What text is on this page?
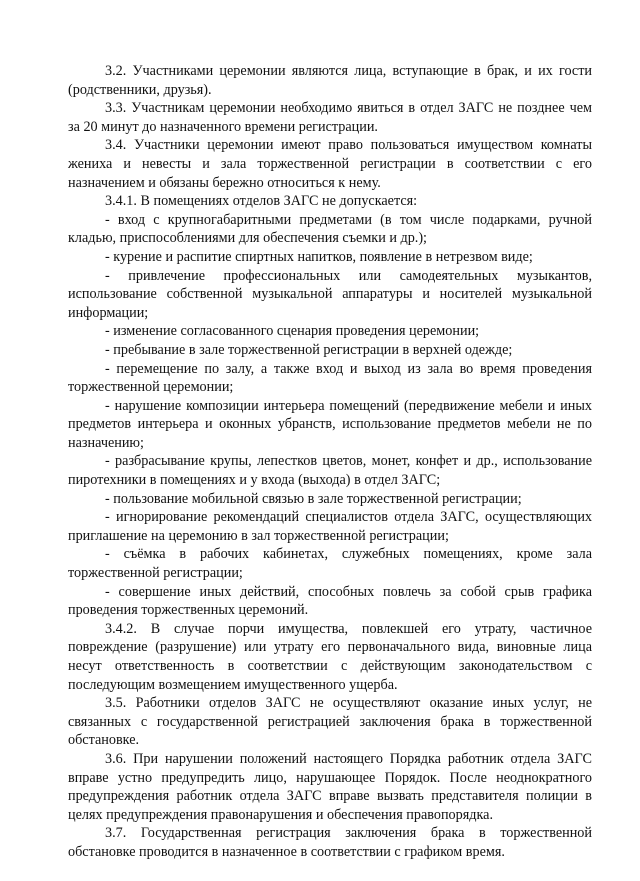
3.2. Участниками церемонии являются лица, вступающие в брак, и их гости (родственники, друзья).

3.3. Участникам церемонии необходимо явиться в отдел ЗАГС не позднее чем за 20 минут до назначенного времени регистрации.

3.4. Участники церемонии имеют право пользоваться имуществом комнаты жениха и невесты и зала торжественной регистрации в соответствии с его назначением и обязаны бережно относиться к нему.

3.4.1. В помещениях отделов ЗАГС не допускается:

- вход с крупногабаритными предметами (в том числе подарками, ручной кладью, приспособлениями для обеспечения съемки и др.);

- курение и распитие спиртных напитков, появление в нетрезвом виде;

- привлечение профессиональных или самодеятельных музыкантов, использование собственной музыкальной аппаратуры и носителей музыкальной информации;

- изменение согласованного сценария проведения церемонии;

- пребывание в зале торжественной регистрации в верхней одежде;

- перемещение по залу, а также вход и выход из зала во время проведения торжественной церемонии;

- нарушение композиции интерьера помещений (передвижение мебели и иных предметов интерьера и оконных убранств, использование предметов мебели не по назначению;

- разбрасывание крупы, лепестков цветов, монет, конфет и др., использование пиротехники в помещениях и у входа (выхода) в отдел ЗАГС;

- пользование мобильной связью в зале торжественной регистрации;

- игнорирование рекомендаций специалистов отдела ЗАГС, осуществляющих приглашение на церемонию в зал торжественной регистрации;

- съёмка в рабочих кабинетах, служебных помещениях, кроме зала торжественной регистрации;

- совершение иных действий, способных повлечь за собой срыв графика проведения торжественных церемоний.

3.4.2. В случае порчи имущества, повлекшей его утрату, частичное повреждение (разрушение) или утрату его первоначального вида, виновные лица несут ответственность в соответствии с действующим законодательством с последующим возмещением имущественного ущерба.

3.5. Работники отделов ЗАГС не осуществляют оказание иных услуг, не связанных с государственной регистрацией заключения брака в торжественной обстановке.

3.6. При нарушении положений настоящего Порядка работник отдела ЗАГС вправе устно предупредить лицо, нарушающее Порядок. После неоднократного предупреждения работник отдела ЗАГС вправе вызвать представителя полиции в целях предупреждения правонарушения и обеспечения правопорядка.

3.7. Государственная регистрация заключения брака в торжественной обстановке проводится в назначенное в соответствии с графиком время.
